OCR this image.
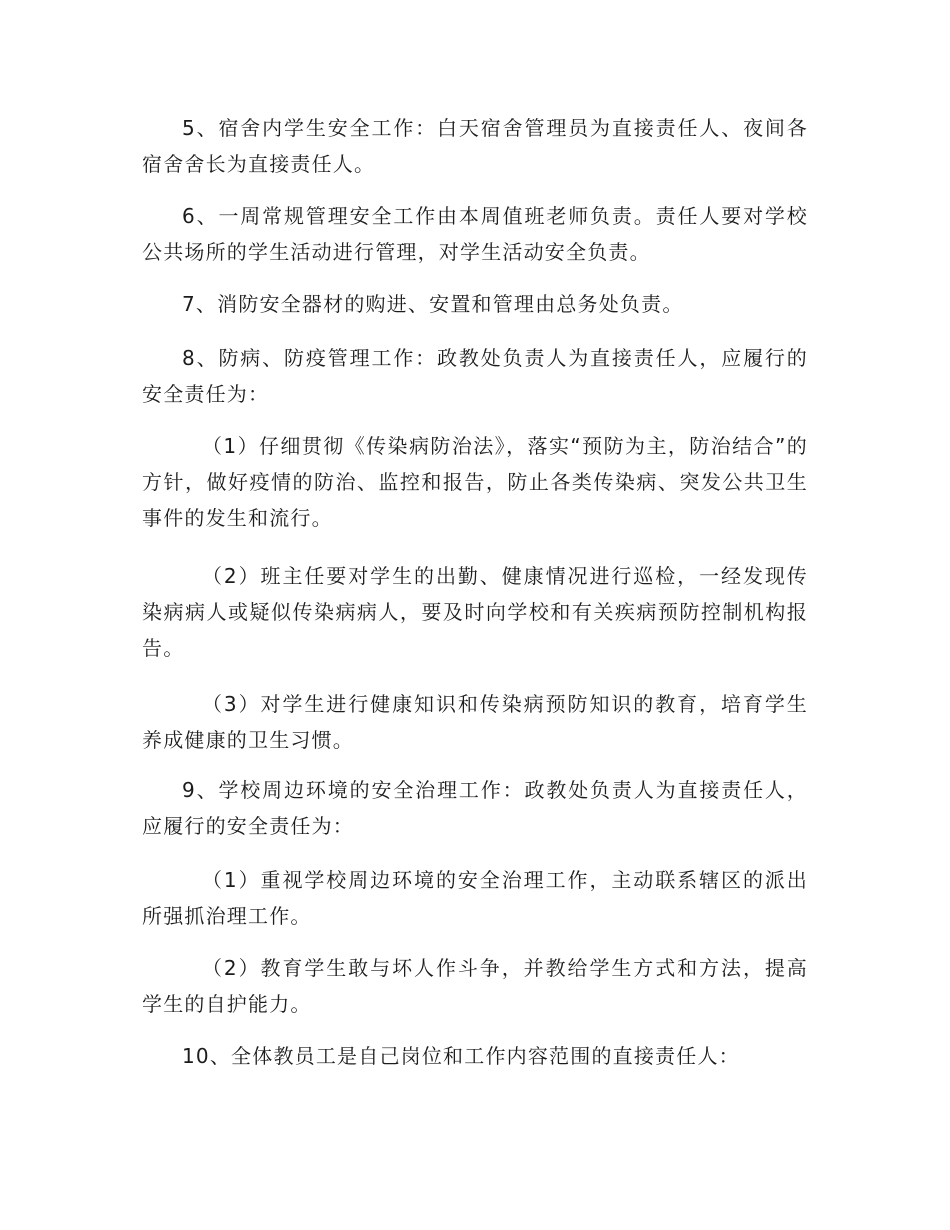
5、宿舍内学生安全工作：白天宿舍管理员为直接责任人、夜间各宿舍舍长为直接责任人。

6、一周常规管理安全工作由本周值班老师负责。责任人要对学校公共场所的学生活动进行管理，对学生活动安全负责。

7、消防安全器材的购进、安置和管理由总务处负责。

8、防病、防疫管理工作：政教处负责人为直接责任人，应履行的安全责任为：

（1）仔细贯彻《传染病防治法》，落实“预防为主，防治结合”的方针，做好疫情的防治、监控和报告，防止各类传染病、突发公共卫生事件的发生和流行。

（2）班主任要对学生的出勤、健康情况进行巡检，一经发现传染病病人或疑似传染病病人，要及时向学校和有关疾病预防控制机构报告。

（3）对学生进行健康知识和传染病预防知识的教育，培育学生养成健康的卫生习惯。

9、学校周边环境的安全治理工作：政教处负责人为直接责任人，应履行的安全责任为：

（1）重视学校周边环境的安全治理工作，主动联系辖区的派出所强抓治理工作。

（2）教育学生敢与坏人作斗争，并教给学生方式和方法，提高学生的自护能力。

10、全体教员工是自己岗位和工作内容范围的直接责任人：
